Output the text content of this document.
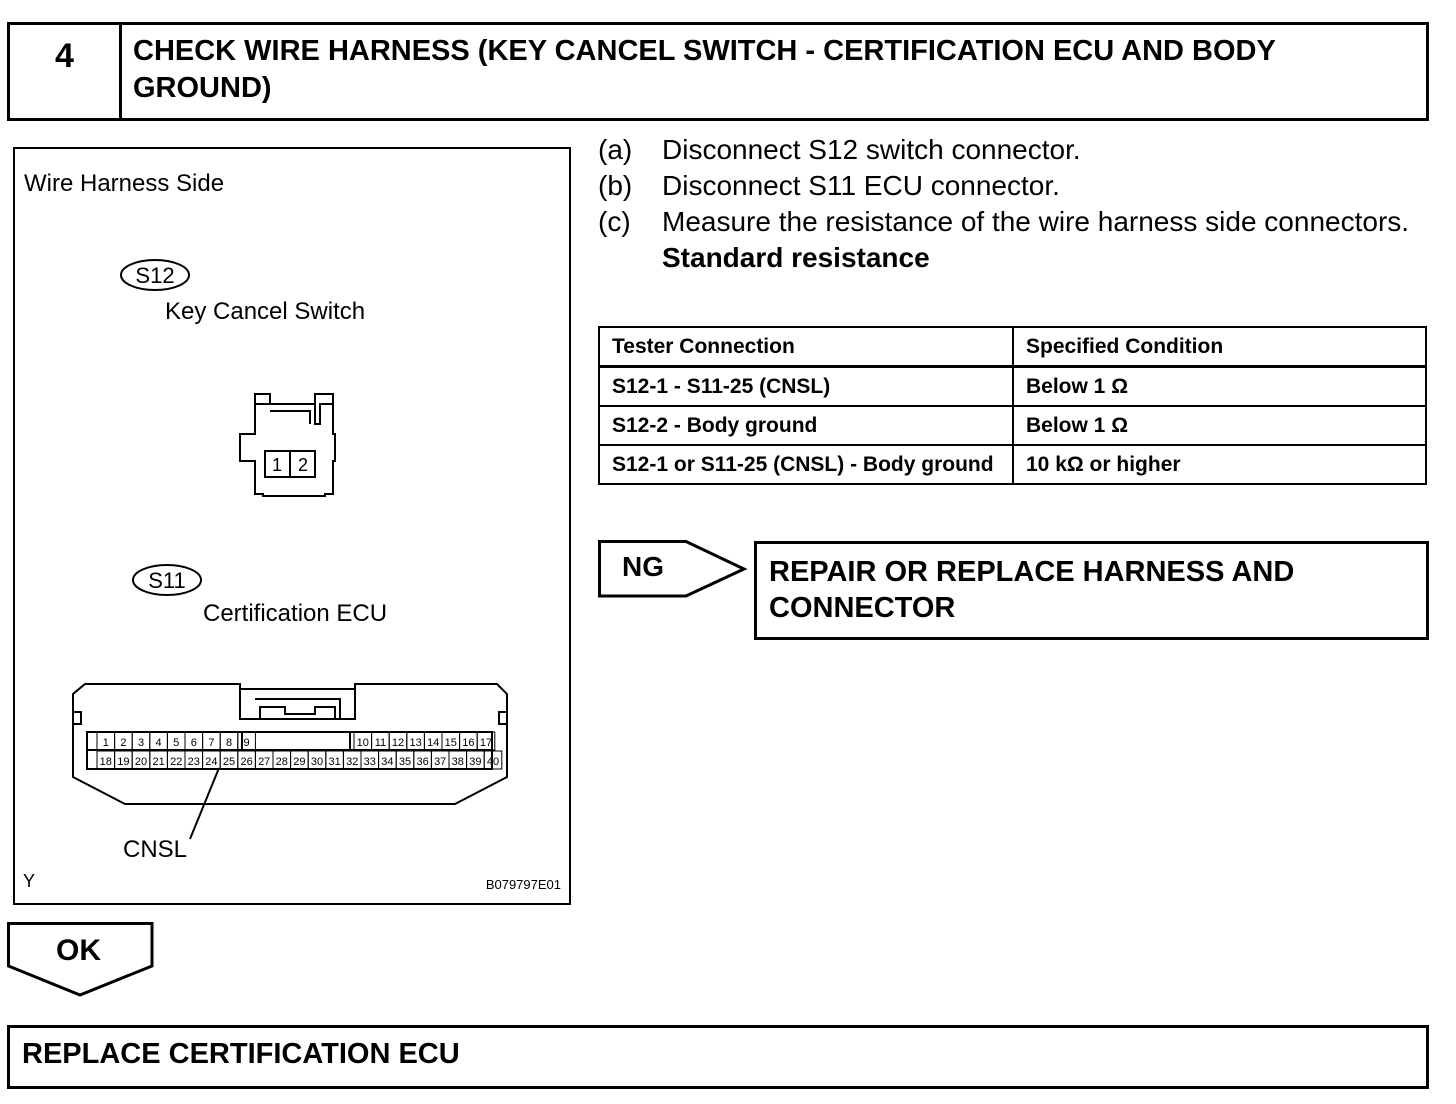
4	CHECK WIRE HARNESS (KEY CANCEL SWITCH - CERTIFICATION ECU AND BODY GROUND)
Wire Harness Side
S12
Key Cancel Switch
1 2
S11
Certification ECU
1 2 3 4 5 6 7 8 9	10 11 12 13 14 15 16 17
18 19 20 21 22 23 24 25 26 27 28 29 30 31 32 33 34 35 36 37 38 39 40
CNSL
Y	B079797E01
(a)	Disconnect S12 switch connector.
(b)	Disconnect S11 ECU connector.
(c)	Measure the resistance of the wire harness side connectors.
Standard resistance
Tester Connection	Specified Condition
S12-1 - S11-25 (CNSL)	Below 1 Ω
S12-2 - Body ground	Below 1 Ω
S12-1 or S11-25 (CNSL) - Body ground	10 kΩ or higher
NG	REPAIR OR REPLACE HARNESS AND CONNECTOR
OK
REPLACE CERTIFICATION ECU
